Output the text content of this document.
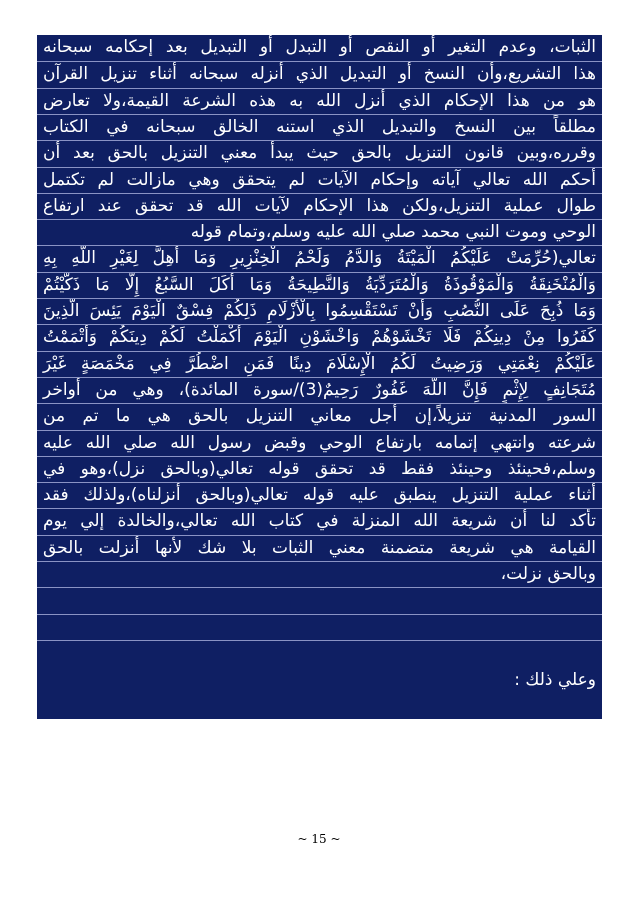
الثبات، وعدم التغير أو النقص أو التبدل أو التبديل بعد إحكامه سبحانه
هذا التشريع،وأن النسخ أو التبديل الذي أنزله سبحانه أثناء تنزيل القرآن
هو من هذا الإحكام الذي أنزل الله به هذه الشرعة القيمة،ولا تعارض
مطلقاً بين النسخ والتبديل الذي استنه الخالق سبحانه في الكتاب
وقرره،وبين قانون التنزيل بالحق حيث يبدأ معني التنزيل بالحق بعد أن
أحكم الله تعالي آياته وإحكام الآيات لم يتحقق وهي مازالت لم تكتمل
طوال عملية التنزيل،ولكن هذا الإحكام لآيات الله قد تحقق عند ارتفاع
الوحي وموت النبي محمد صلي الله عليه وسلم،وتمام قوله
تعالي(حُرِّمَتْ عَلَيْكُمُ الْمَيْتَةُ وَالدَّمُ وَلَحْمُ الْخِنْزِيرِ وَمَا أُهِلَّ لِغَيْرِ اللَّهِ بِهِ
وَالْمُنْخَنِقَةُ وَالْمَوْقُوذَةُ وَالْمُتَرَدِّيَةُ وَالنَّطِيحَةُ وَمَا أَكَلَ السَّبُعُ إِلَّا مَا ذَكَّيْتُمْ
وَمَا ذُبِحَ عَلَى النُّصُبِ وَأَنْ تَسْتَقْسِمُوا بِالْأَزْلَامِ ذَلِكُمْ فِسْقٌ الْيَوْمَ يَئِسَ الَّذِينَ
كَفَرُوا مِنْ دِينِكُمْ فَلَا تَخْشَوْهُمْ وَاخْشَوْنِ الْيَوْمَ أَكْمَلْتُ لَكُمْ دِينَكُمْ وَأَتْمَمْتُ
عَلَيْكُمْ نِعْمَتِي وَرَضِيتُ لَكُمُ الْإِسْلَامَ دِينًا فَمَنِ اضْطُرَّ فِي مَخْمَصَةٍ غَيْرَ
مُتَجَانِفٍ لِإِثْمٍ فَإِنَّ اللَّهَ غَفُورٌ رَحِيمٌ(3)/سورة المائدة)، وهي من أواخر
السور المدنية تنزيلاً،إن أجل معاني التنزيل بالحق هي ما تم من
شرعته وانتهي إتمامه بارتفاع الوحي وقبض رسول الله صلي الله عليه
وسلم،فحينئذ وحينئذ فقط قد تحقق قوله تعالي(وبالحق نزل)،وهو في
أثناء عملية التنزيل ينطبق عليه قوله تعالي(وبالحق أنزلناه)،ولذلك فقد
تأكد لنا أن شريعة الله المنزلة في كتاب الله تعالي،والخالدة إلي يوم
القيامة هي شريعة متضمنة معني الثبات بلا شك لأنها أنزلت بالحق
وبالحق نزلت،
وعلي ذلك :
~ 15 ~
